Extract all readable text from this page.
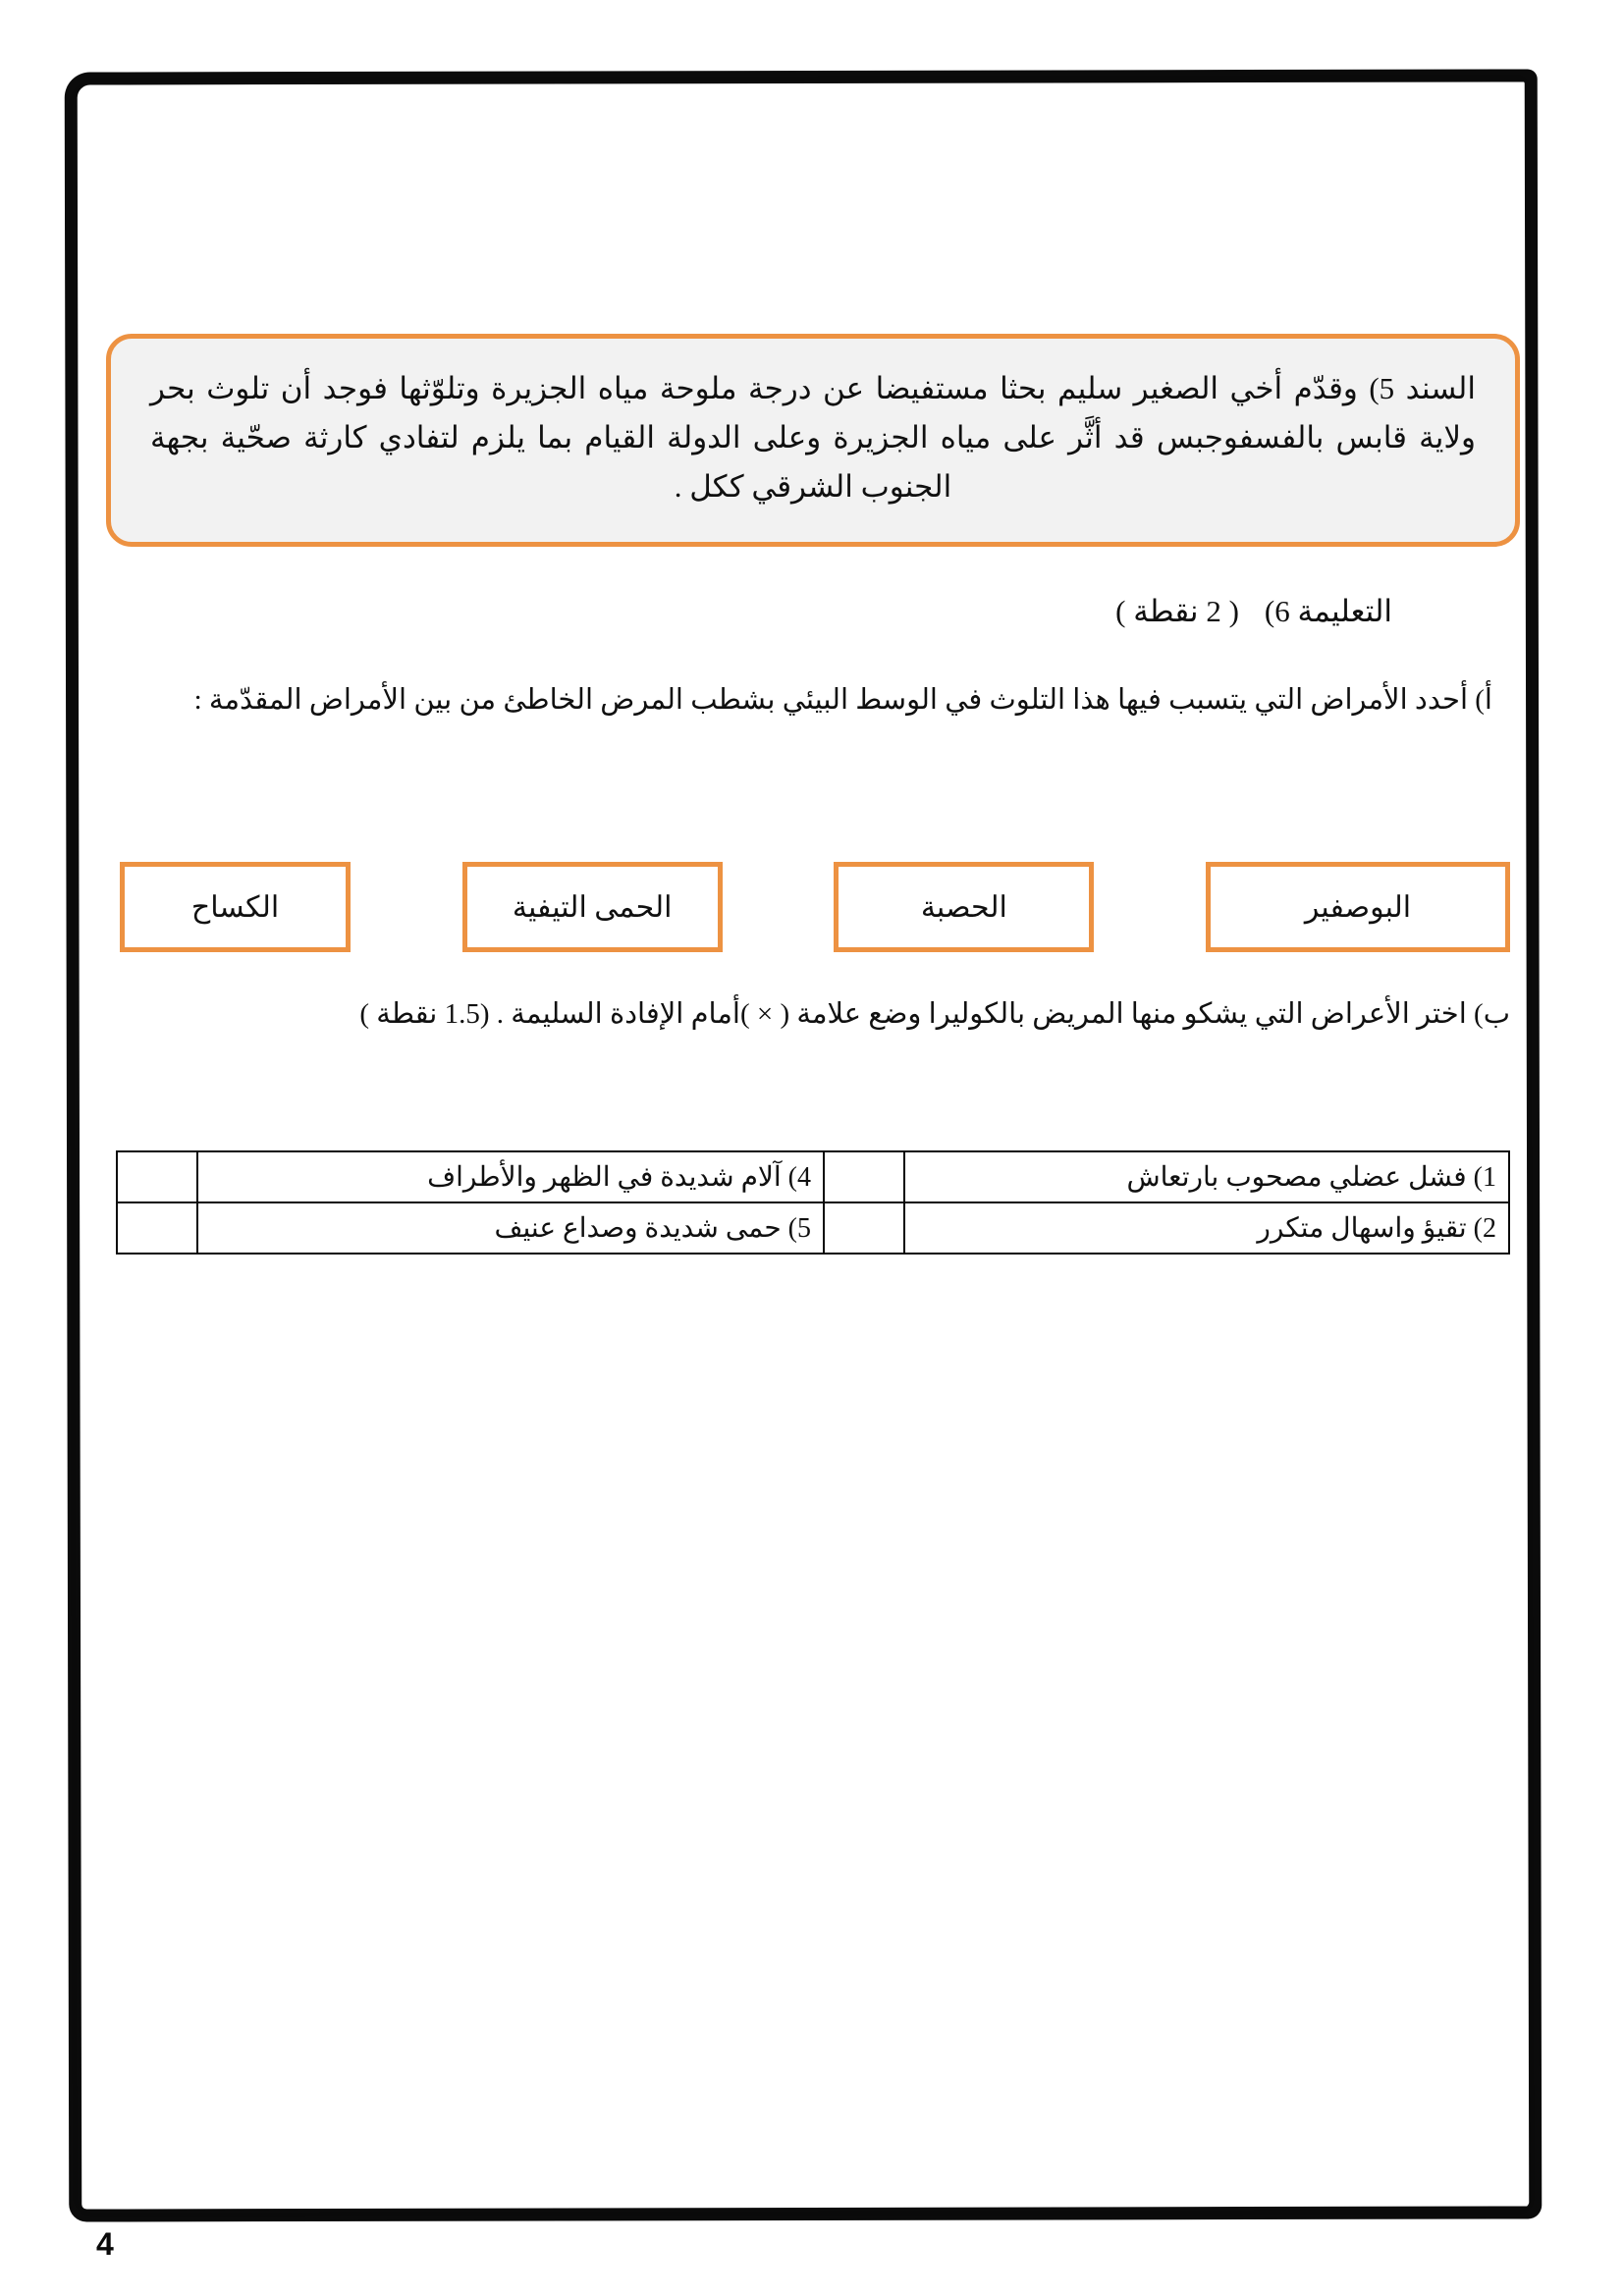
السند 5) وقدّم أخي الصغير سليم بحثا مستفيضا عن درجة ملوحة مياه الجزيرة وتلوّثها فوجد أن تلوث بحر ولاية قابس بالفسفوجبس قد أثَّر على مياه الجزيرة وعلى الدولة القيام بما يلزم لتفادي كارثة صحّية بجهة الجنوب الشرقي ككل .

التعليمة 6)( 2 نقطة )
أ) أحدد الأمراض التي يتسبب فيها هذا التلوث في الوسط البيئي بشطب المرض الخاطئ من بين الأمراض المقدّمة :
الكساح	الحمى التيفية	الحصبة	البوصفير
ب) اختر الأعراض التي يشكو منها المريض بالكوليرا وضع علامة ( × )أمام الإفادة السليمة . (1.5 نقطة )
1) فشل عضلي مصحوب بارتعاش		4) آلام شديدة في الظهر والأطراف	
2) تقيؤ واسهال متكرر		5) حمى شديدة وصداع عنيف	
4
